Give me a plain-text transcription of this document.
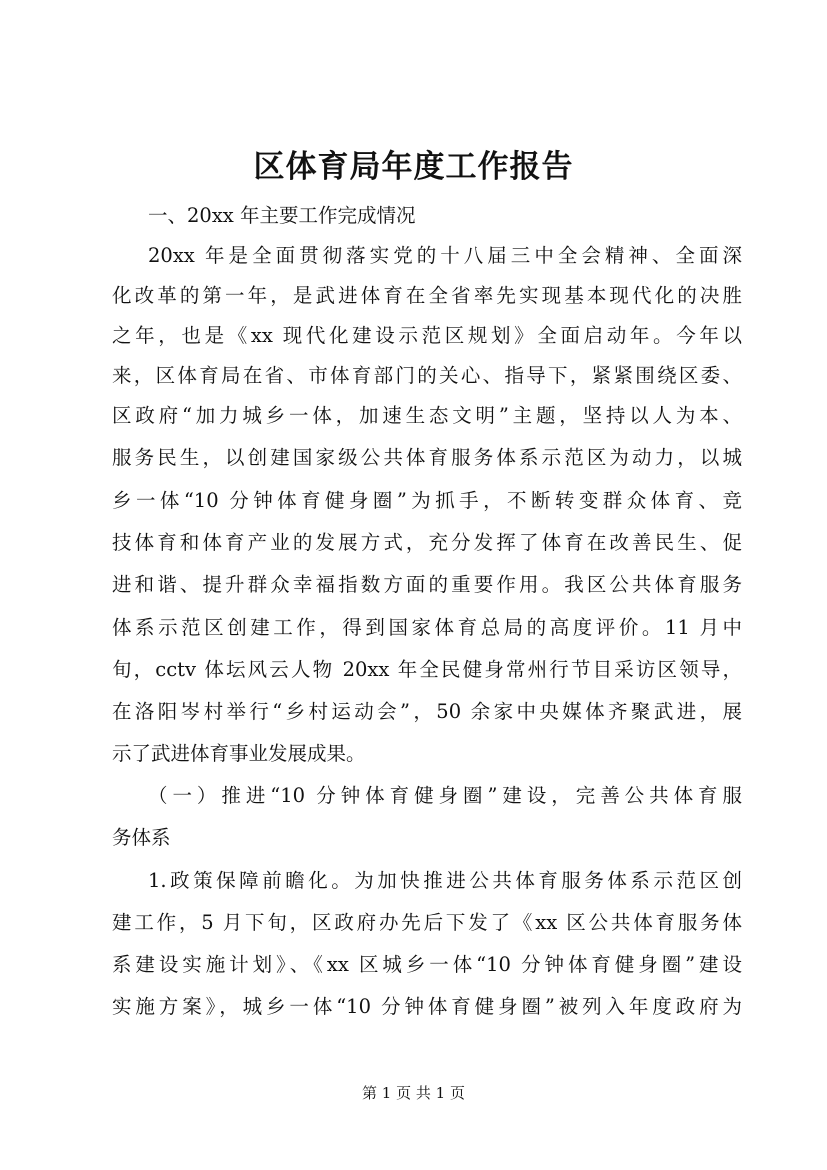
区体育局年度工作报告
一、20xx 年主要工作完成情况
20xx 年是全面贯彻落实党的十八届三中全会精神、全面深
化改革的第一年，是武进体育在全省率先实现基本现代化的决胜
之年，也是《xx 现代化建设示范区规划》全面启动年。今年以
来，区体育局在省、市体育部门的关心、指导下，紧紧围绕区委、
区政府“加力城乡一体，加速生态文明”主题，坚持以人为本、
服务民生，以创建国家级公共体育服务体系示范区为动力，以城
乡一体“10 分钟体育健身圈”为抓手，不断转变群众体育、竞
技体育和体育产业的发展方式，充分发挥了体育在改善民生、促
进和谐、提升群众幸福指数方面的重要作用。我区公共体育服务
体系示范区创建工作，得到国家体育总局的高度评价。11 月中
旬，cctv 体坛风云人物 20xx 年全民健身常州行节目采访区领导，
在洛阳岑村举行“乡村运动会”，50 余家中央媒体齐聚武进，展
示了武进体育事业发展成果。
（一）推进“10 分钟体育健身圈”建设，完善公共体育服
务体系
1.政策保障前瞻化。为加快推进公共体育服务体系示范区创
建工作，5 月下旬，区政府办先后下发了《xx 区公共体育服务体
系建设实施计划》、《xx 区城乡一体“10 分钟体育健身圈”建设
实施方案》，城乡一体“10 分钟体育健身圈”被列入年度政府为
第 1 页 共 1 页
